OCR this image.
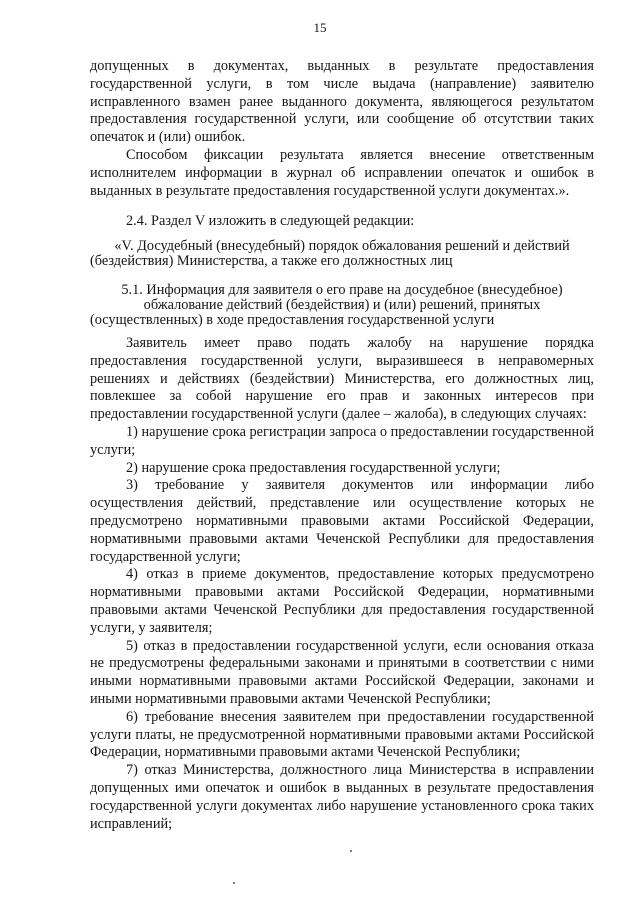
15

допущенных в документах, выданных в результате предоставления государственной услуги, в том числе выдача (направление) заявителю исправленного взамен ранее выданного документа, являющегося результатом предоставления государственной услуги, или сообщение об отсутствии таких опечаток и (или) ошибок.

Способом фиксации результата является внесение ответственным исполнителем информации в журнал об исправлении опечаток и ошибок в выданных в результате предоставления государственной услуги документах.».

2.4. Раздел V изложить в следующей редакции:

«V. Досудебный (внесудебный) порядок обжалования решений и действий (бездействия) Министерства, а также его должностных лиц

5.1. Информация для заявителя о его праве на досудебное (внесудебное) обжалование действий (бездействия) и (или) решений, принятых (осуществленных) в ходе предоставления государственной услуги

Заявитель имеет право подать жалобу на нарушение порядка предоставления государственной услуги, выразившееся в неправомерных решениях и действиях (бездействии) Министерства, его должностных лиц, повлекшее за собой нарушение его прав и законных интересов при предоставлении государственной услуги (далее – жалоба), в следующих случаях:

1) нарушение срока регистрации запроса о предоставлении государственной услуги;

2) нарушение срока предоставления государственной услуги;

3) требование у заявителя документов или информации либо осуществления действий, представление или осуществление которых не предусмотрено нормативными правовыми актами Российской Федерации, нормативными правовыми актами Чеченской Республики для предоставления государственной услуги;

4) отказ в приеме документов, предоставление которых предусмотрено нормативными правовыми актами Российской Федерации, нормативными правовыми актами Чеченской Республики для предоставления государственной услуги, у заявителя;

5) отказ в предоставлении государственной услуги, если основания отказа не предусмотрены федеральными законами и принятыми в соответствии с ними иными нормативными правовыми актами Российской Федерации, законами и иными нормативными правовыми актами Чеченской Республики;

6) требование внесения заявителем при предоставлении государственной услуги платы, не предусмотренной нормативными правовыми актами Российской Федерации, нормативными правовыми актами Чеченской Республики;

7) отказ Министерства, должностного лица Министерства в исправлении допущенных ими опечаток и ошибок в выданных в результате предоставления государственной услуги документах либо нарушение установленного срока таких исправлений;
